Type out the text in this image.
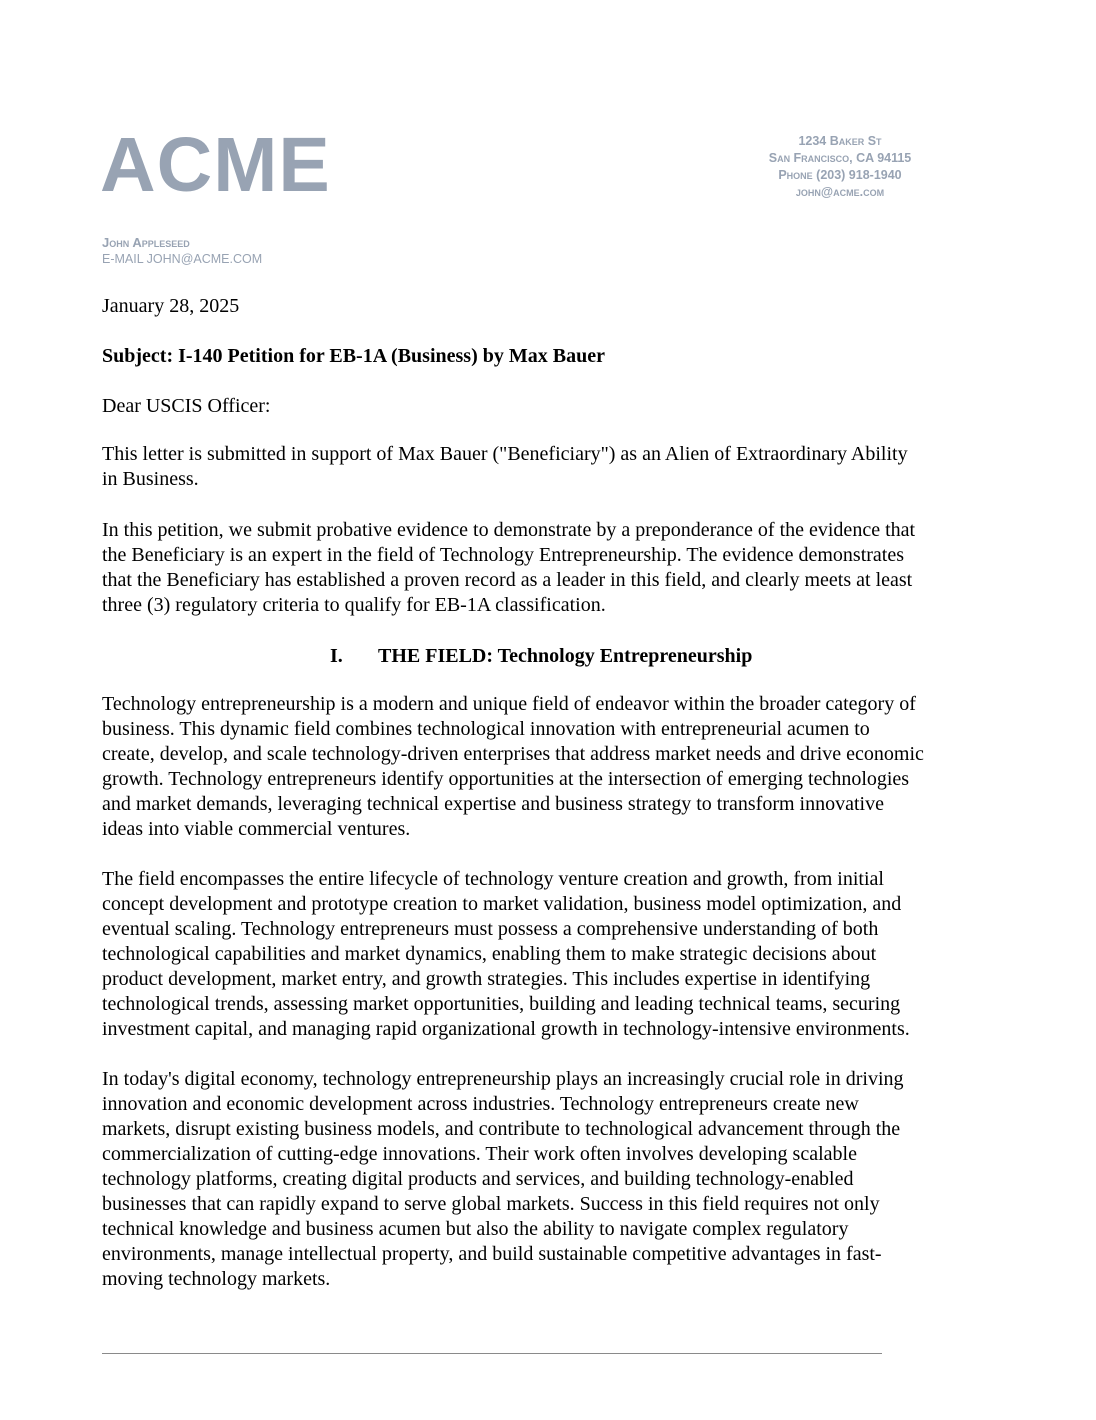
ACME	1234 Baker St
San Francisco, CA 94115
Phone (203) 918-1940
john@acme.com
John Appleseed
E-MAIL JOHN@ACME.COM
January 28, 2025
Subject: I-140 Petition for EB-1A (Business) by Max Bauer
Dear USCIS Officer:
This letter is submitted in support of Max Bauer ("Beneficiary") as an Alien of Extraordinary Ability
in Business.
In this petition, we submit probative evidence to demonstrate by a preponderance of the evidence that
the Beneficiary is an expert in the field of Technology Entrepreneurship. The evidence demonstrates
that the Beneficiary has established a proven record as a leader in this field, and clearly meets at least
three (3) regulatory criteria to qualify for EB-1A classification.
I. THE FIELD: Technology Entrepreneurship
Technology entrepreneurship is a modern and unique field of endeavor within the broader category of
business. This dynamic field combines technological innovation with entrepreneurial acumen to
create, develop, and scale technology-driven enterprises that address market needs and drive economic
growth. Technology entrepreneurs identify opportunities at the intersection of emerging technologies
and market demands, leveraging technical expertise and business strategy to transform innovative
ideas into viable commercial ventures.
The field encompasses the entire lifecycle of technology venture creation and growth, from initial
concept development and prototype creation to market validation, business model optimization, and
eventual scaling. Technology entrepreneurs must possess a comprehensive understanding of both
technological capabilities and market dynamics, enabling them to make strategic decisions about
product development, market entry, and growth strategies. This includes expertise in identifying
technological trends, assessing market opportunities, building and leading technical teams, securing
investment capital, and managing rapid organizational growth in technology-intensive environments.
In today's digital economy, technology entrepreneurship plays an increasingly crucial role in driving
innovation and economic development across industries. Technology entrepreneurs create new
markets, disrupt existing business models, and contribute to technological advancement through the
commercialization of cutting-edge innovations. Their work often involves developing scalable
technology platforms, creating digital products and services, and building technology-enabled
businesses that can rapidly expand to serve global markets. Success in this field requires not only
technical knowledge and business acumen but also the ability to navigate complex regulatory
environments, manage intellectual property, and build sustainable competitive advantages in fast-
moving technology markets.
